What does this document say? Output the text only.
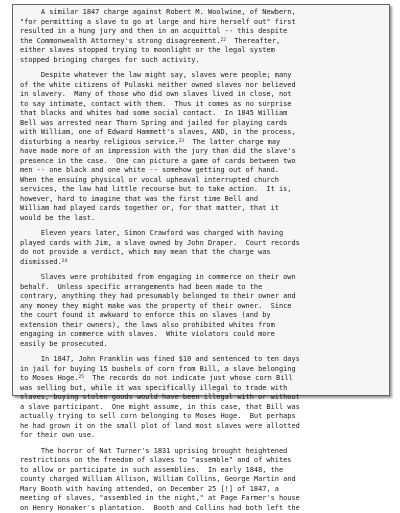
A similar 1847 charge against Robert M. Woolwine, of Newbern,
"for permitting a slave to go at large and hire herself out" first
resulted in a hung jury and then in an acquittal -- this despite
the Commonwealth Attorney's strong disagreement.$^{22}$  Thereafter,
either slaves stopped trying to moonlight or the legal system
stopped bringing charges for such activity.
Despite whatever the law might say, slaves were people; many
of the white citizens of Pulaski neither owned slaves nor believed
in slavery.  Many of those who did own slaves lived in close, not
to say intimate, contact with them.  Thus it comes as no surprise
that blacks and whites had some social contact.  In 1845 William
Bell was arrested near Thorn Spring and jailed for playing cards
with William, one of Edward Hammett's slaves, AND, in the process,
disturbing a nearby religious service.$^{23}$  The latter charge may
have made more of an impression with the jury than did the slave's
presence in the case.  One can picture a game of cards between two
men -- one black and one white -- somehow getting out of hand.
When the ensuing physical or vocal upheaval interrupted church
services, the law had little recourse but to take action.  It is,
however, hard to imagine that was the first time Bell and
William had played cards together or, for that matter, that it
would be the last.
Eleven years later, Simon Crawford was charged with having
played cards with Jim, a slave owned by John Draper.  Court records
do not provide a verdict, which may mean that the charge was
dismissed.$^{24}$
Slaves were prohibited from engaging in commerce on their own
behalf.  Unless specific arrangements had been made to the
contrary, anything they had presumably belonged to their owner and
any money they might make was the property of their owner.  Since
the court found it awkward to enforce this on slaves (and by
extension their owners), the laws also prohibited whites from
engaging in commerce with slaves.  White violators could more
easily be prosecuted.
In 1847, John Franklin was fined $10 and sentenced to ten days
in jail for buying 15 bushels of corn from Bill, a slave belonging
to Moses Hoge.$^{25}$  The records do not indicate just whose corn Bill
was selling but, while it was specifically illegal to trade with
slaves, buying stolen goods would have been illegal with or without
a slave participant.  One might assume, in this case, that Bill was
actually trying to sell corn belonging to Moses Hoge.  But perhaps
he had grown it on the small plot of land most slaves were allotted
for their own use.
The horror of Nat Turner's 1831 uprising brought heightened
restrictions on the freedom of slaves to "assemble" and of whites
to allow or participate in such assemblies.  In early 1848, the
county charged William Allison, William Collins, George Martin and
Mary Booth with having attended, on December 25 [!] of 1847, a
meeting of slaves, "assembled in the night," at Page Farmer's house
on Henry Honaker's plantation.  Booth and Collins had both left the
